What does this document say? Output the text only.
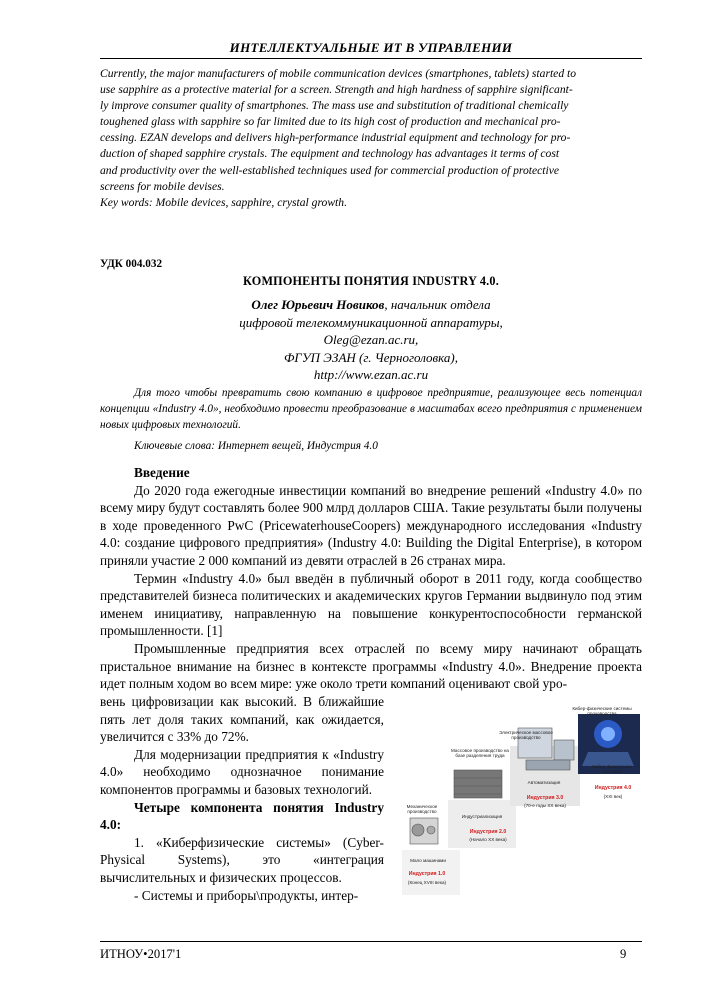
ИНТЕЛЛЕКТУАЛЬНЫЕ ИТ В УПРАВЛЕНИИ
Currently, the major manufacturers of mobile communication devices (smartphones, tablets) started to
use sapphire as a protective material for a screen. Strength and high hardness of sapphire significant-
ly improve consumer quality of smartphones. The mass use and substitution of traditional chemically
toughened glass with sapphire so far limited due to its high cost of production and mechanical pro-
cessing. EZAN develops and delivers high-performance industrial equipment and technology for pro-
duction of shaped sapphire crystals. The equipment and technology has advantages it terms of cost
and productivity over the well-established techniques used for commercial production of protective
screens for mobile devises.
Key words: Mobile devices, sapphire, crystal growth.
УДК 004.032
КОМПОНЕНТЫ ПОНЯТИЯ INDUSTRY 4.0.
Олег Юрьевич Новиков, начальник отдела
цифровой телекоммуникационной аппаратуры,
Oleg@ezan.ac.ru,
ФГУП ЭЗАН (г. Черноголовка),
http://www.ezan.ac.ru
Для того чтобы превратить свою компанию в цифровое предприятие, реализующее весь потенциал концепции «Industry 4.0», необходимо провести преобразование в масштабах всего предприятия с применением новых цифровых технологий.
Ключевые слова: Интернет вещей, Индустрия 4.0
Введение

До 2020 года ежегодные инвестиции компаний во внедрение решений «Industry 4.0» по всему миру будут составлять более 900 млрд долларов США. Такие результаты были получены в ходе проведенного PwC (PricewaterhouseCoopers) международного исследования «Industry 4.0: создание цифрового предприятия» (Industry 4.0: Building the Digital Enterprise), в котором приняли участие 2 000 компаний из девяти отраслей в 26 странах мира.

Термин «Industry 4.0» был введён в публичный оборот в 2011 году, когда сообщество представителей бизнеса политических и академических кругов Германии выдвинуло под этим именем инициативу, направленную на повышение конкурентоспособности германской промышленности. [1]

Промышленные предприятия всех отраслей по всему миру начинают обращать пристальное внимание на бизнес в контексте программы «Industry 4.0». Внедрение проекта идет полным ходом во всем мире: уже около трети компаний оценивают свой уро-

вень цифровизации как высокий. В ближайшие пять лет доля таких компаний, как ожидается, увеличится с 33% до 72%.

Для модернизации предприятия к «Industry 4.0» необходимо однозначное понимание компонентов программы и базовых технологий.

Четыре компонента понятия Industry 4.0:

1. «Киберфизические системы» (Cyber-Physical Systems), это «интеграция вычислительных и физических процессов.

- Системы и приборы\продукты, интер-

Кибер-физические системы производства
Электрическое массовое производство
Массовое производство на базе разделения труда
Автоматизация
Кибер-физические системы
Индустрия 4.0
(XXI век)
Индустрия 3.0
(70-е годы XX века)
Механическое производство
Индустриализация
Индустрия 2.0
(Начало XX века)
Мало машинами
Индустрия 1.0
(Конец XVIII века)
ИТНОУ•2017'1	9
